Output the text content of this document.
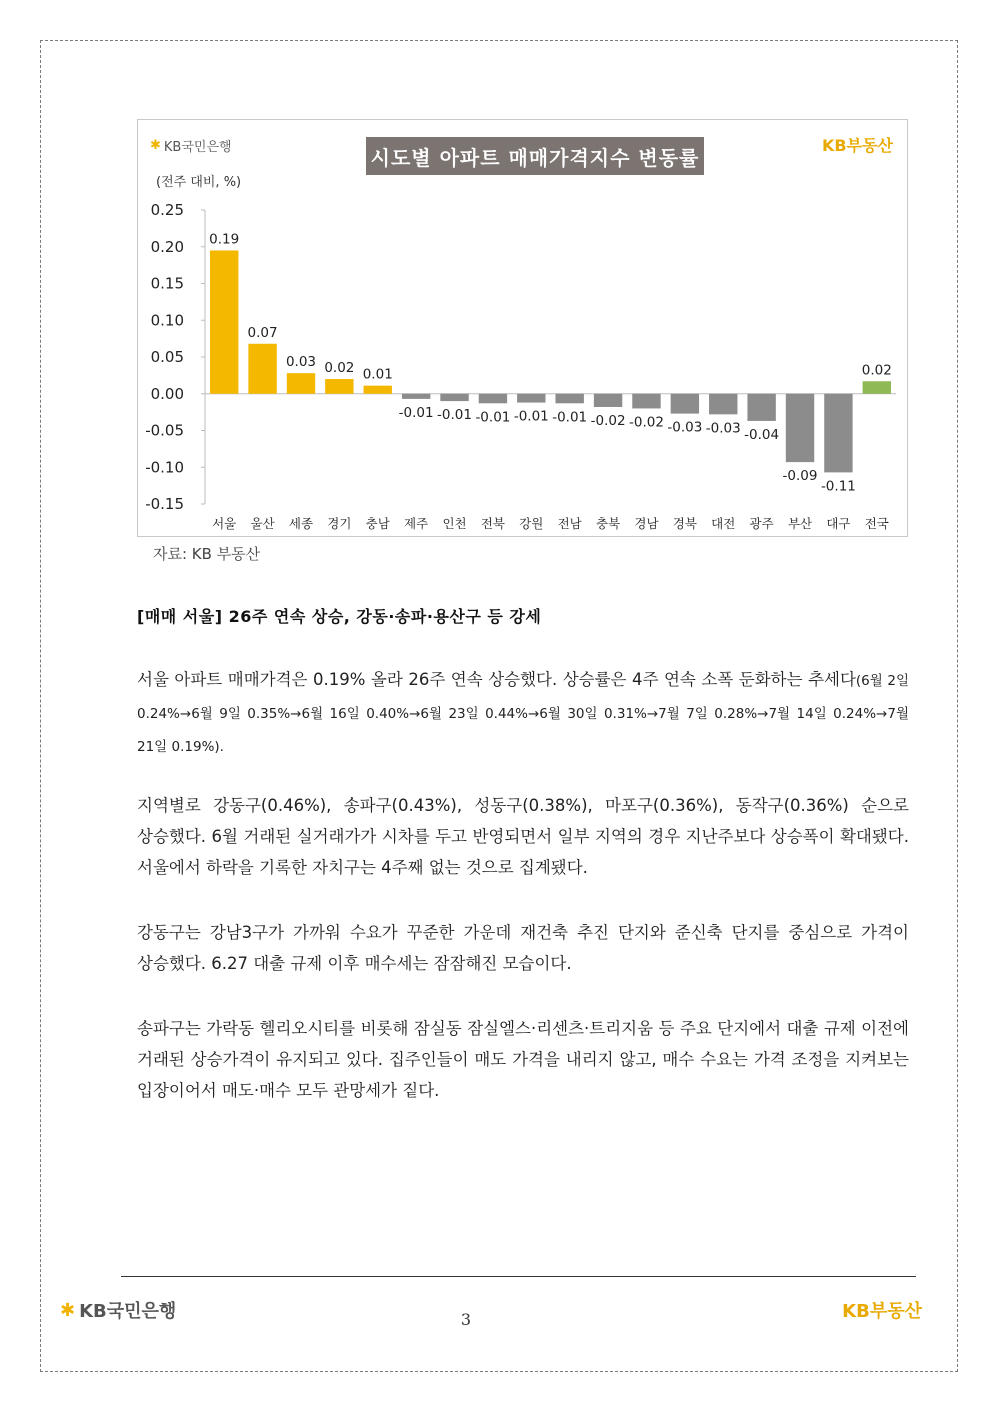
0.25
0.20
0.15
0.10
0.05
0.00
-0.05
-0.10
-0.15
0.19
서울
0.07
울산
0.03
세종
0.02
경기
0.01
충남
-0.01
제주
-0.01
인천
-0.01
전북
-0.01
강원
-0.01
전남
-0.02
충북
-0.02
경남
-0.03
경북
-0.03
대전
-0.04
광주
-0.09
부산
-0.11
대구
0.02
전국
✱ KB국민은행	KB부동산
시도별 아파트 매매가격지수 변동률
(전주 대비, %)
자료: KB 부동산
[매매 서울] 26주 연속 상승, 강동·송파·용산구 등 강세
서울 아파트 매매가격은 0.19% 올라 26주 연속 상승했다. 상승률은 4주 연속 소폭 둔화하는 추세다(6월 2일 0.24%→6월 9일 0.35%→6월 16일 0.40%→6월 23일 0.44%→6월 30일 0.31%→7월 7일 0.28%→7월 14일 0.24%→7월 21일 0.19%).
지역별로 강동구(0.46%), 송파구(0.43%), 성동구(0.38%), 마포구(0.36%), 동작구(0.36%) 순으로 상승했다. 6월 거래된 실거래가가 시차를 두고 반영되면서 일부 지역의 경우 지난주보다 상승폭이 확대됐다. 서울에서 하락을 기록한 자치구는 4주째 없는 것으로 집계됐다.
강동구는 강남3구가 가까워 수요가 꾸준한 가운데 재건축 추진 단지와 준신축 단지를 중심으로 가격이 상승했다. 6.27 대출 규제 이후 매수세는 잠잠해진 모습이다.
송파구는 가락동 헬리오시티를 비롯해 잠실동 잠실엘스·리센츠·트리지움 등 주요 단지에서 대출 규제 이전에 거래된 상승가격이 유지되고 있다. 집주인들이 매도 가격을 내리지 않고, 매수 수요는 가격 조정을 지켜보는 입장이어서 매도·매수 모두 관망세가 짙다.
✱ KB국민은행	3	KB부동산
